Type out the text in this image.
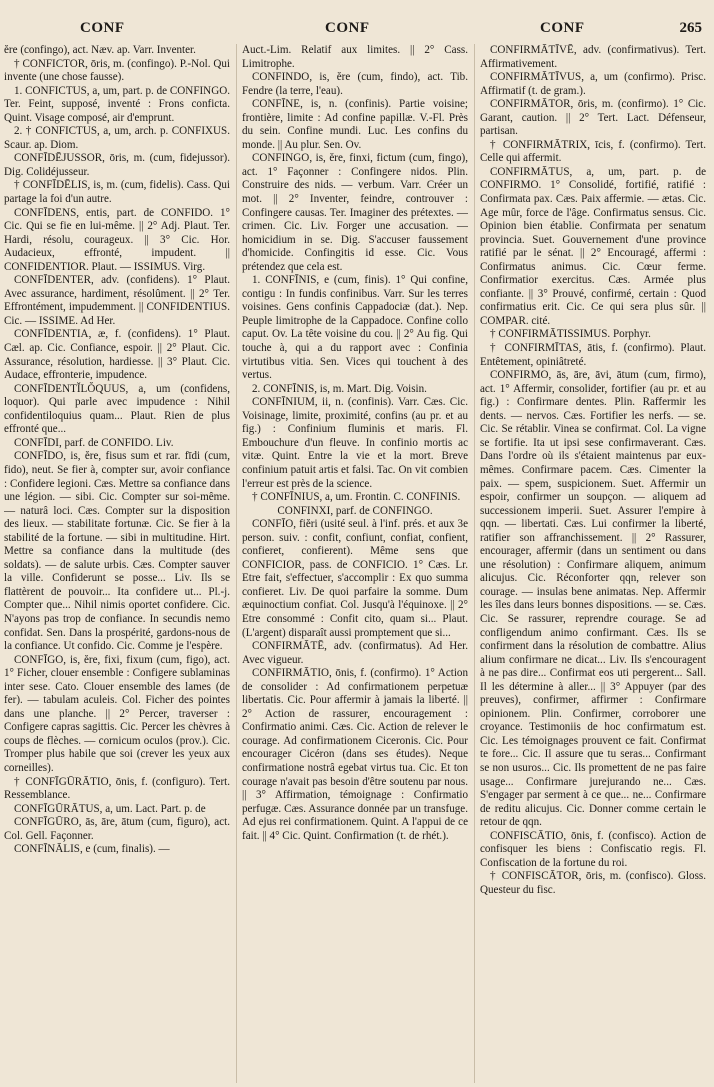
CONF	CONF	CONF	265

ĕre (confingo), act. Næv. ap. Varr. Inventer.

† CONFICTOR, ōris, m. (confingo). P.-Nol. Qui invente (une chose fausse).

1. CONFICTUS, a, um, part. p. de CONFINGO. Ter. Feint, supposé, inventé : Frons conficta. Quint. Visage composé, air d'emprunt.

2. † CONFICTUS, a, um, arch. p. CONFIXUS. Scaur. ap. Diom.

CONFĪDĒJUSSOR, ōris, m. (cum, fidejussor). Dig. Colidéjusseur.

† CONFĪDĒLIS, is, m. (cum, fidelis). Cass. Qui partage la foi d'un autre.

CONFĪDENS, entis, part. de CONFIDO. 1° Cic. Qui se fie en lui-même. || 2° Adj. Plaut. Ter. Hardi, résolu, courageux. || 3° Cic. Hor. Audacieux, effronté, impudent. || CONFIDENTIOR. Plaut. — ISSIMUS. Virg.

CONFĪDENTER, adv. (confidens). 1° Plaut. Avec assurance, hardiment, résolûment. || 2° Ter. Effrontément, impudemment. || CONFIDENTIUS. Cic. — ISSIME. Ad Her.

CONFĪDENTIA, æ, f. (confidens). 1° Plaut. Cæl. ap. Cic. Confiance, espoir. || 2° Plaut. Cic. Assurance, résolution, hardiesse. || 3° Plaut. Cic. Audace, effronterie, impudence.

CONFĪDENTĬLŎQUUS, a, um (confidens, loquor). Qui parle avec impudence : Nihil confidentiloquius quam... Plaut. Rien de plus effronté que...

CONFĪDI, parf. de CONFIDO. Liv.

CONFĪDO, is, ĕre, fisus sum et rar. fīdi (cum, fido), neut. Se fier à, compter sur, avoir confiance : Confidere legioni. Cæs. Mettre sa confiance dans une légion. — sibi. Cic. Compter sur soi-même. — naturâ loci. Cæs. Compter sur la disposition des lieux. — stabilitate fortunæ. Cic. Se fier à la stabilité de la fortune. — sibi in multitudine. Hirt. Mettre sa confiance dans la multitude (des soldats). — de salute urbis. Cæs. Compter sauver la ville. Confiderunt se posse... Liv. Ils se flattèrent de pouvoir... Ita confidere ut... Pl.-j. Compter que... Nihil nimis oportet confidere. Cic. N'ayons pas trop de confiance. In secundis nemo confidat. Sen. Dans la prospérité, gardons-nous de la confiance. Ut confido. Cic. Comme je l'espère.

CONFĪGO, is, ĕre, fixi, fixum (cum, figo), act. 1° Ficher, clouer ensemble : Configere sublaminas inter sese. Cato. Clouer ensemble des lames (de fer). — tabulam aculeis. Col. Ficher des pointes dans une planche. || 2° Percer, traverser : Configere capras sagittis. Cic. Percer les chèvres à coups de flèches. — cornicum oculos (prov.). Cic. Tromper plus habile que soi (crever les yeux aux corneilles).

† CONFĪGŪRĀTIO, ōnis, f. (configuro). Tert. Ressemblance.

CONFĪGŪRĀTUS, a, um. Lact. Part. p. de

CONFĪGŪRO, ās, āre, ātum (cum, figuro), act. Col. Gell. Façonner.

CONFĪNĀLIS, e (cum, finalis). —

Auct.-Lim. Relatif aux limites. || 2° Cass. Limitrophe.

CONFINDO, is, ĕre (cum, findo), act. Tib. Fendre (la terre, l'eau).

CONFĪNE, is, n. (confinis). Partie voisine; frontière, limite : Ad confine papillæ. V.-Fl. Près du sein. Confine mundi. Luc. Les confins du monde. || Au plur. Sen. Ov.

CONFINGO, is, ĕre, finxi, fictum (cum, fingo), act. 1° Façonner : Confingere nidos. Plin. Construire des nids. — verbum. Varr. Créer un mot. || 2° Inventer, feindre, controuver : Confingere causas. Ter. Imaginer des prétextes. — crimen. Cic. Liv. Forger une accusation. — homicidium in se. Dig. S'accuser faussement d'homicide. Confingitis id esse. Cic. Vous prétendez que cela est.

1. CONFĪNIS, e (cum, finis). 1° Qui confine, contigu : In fundis confinibus. Varr. Sur les terres voisines. Gens confinis Cappadociæ (dat.). Nep. Peuple limitrophe de la Cappadoce. Confine collo caput. Ov. La tête voisine du cou. || 2° Au fig. Qui touche à, qui a du rapport avec : Confinia virtutibus vitia. Sen. Vices qui touchent à des vertus.

2. CONFĪNIS, is, m. Mart. Dig. Voisin.

CONFĪNIUM, ii, n. (confinis). Varr. Cæs. Cic. Voisinage, limite, proximité, confins (au pr. et au fig.) : Confinium fluminis et maris. Fl. Embouchure d'un fleuve. In confinio mortis ac vitæ. Quint. Entre la vie et la mort. Breve confinium patuit artis et falsi. Tac. On vit combien l'erreur est près de la science.

† CONFĪNIUS, a, um. Frontin. C. CONFINIS.

CONFINXI, parf. de CONFINGO.

CONFĪO, fiĕri (usité seul. à l'inf. prés. et aux 3e person. suiv. : confit, confiunt, confiat, confient, confieret, confierent). Même sens que CONFICIOR, pass. de CONFICIO. 1° Cæs. Lr. Etre fait, s'effectuer, s'accomplir : Ex quo summa confieret. Liv. De quoi parfaire la somme. Dum æquinoctium confiat. Col. Jusqu'à l'équinoxe. || 2° Etre consommé : Confit cito, quam si... Plaut. (L'argent) disparaît aussi promptement que si...

CONFIRMĀTĒ, adv. (confirmatus). Ad Her. Avec vigueur.

CONFIRMĀTIO, ōnis, f. (confirmo). 1° Action de consolider : Ad confirmationem perpetuæ libertatis. Cic. Pour affermir à jamais la liberté. || 2° Action de rassurer, encouragement : Confirmatio animi. Cæs. Cic. Action de relever le courage. Ad confirmationem Ciceronis. Cic. Pour encourager Cicéron (dans ses études). Neque confirmatione nostrâ egebat virtus tua. Cic. Et ton courage n'avait pas besoin d'être soutenu par nous. || 3° Affirmation, témoignage : Confirmatio perfugæ. Cæs. Assurance donnée par un transfuge. Ad ejus rei confirmationem. Quint. A l'appui de ce fait. || 4° Cic. Quint. Confirmation (t. de rhét.).

CONFIRMĀTĪVĒ, adv. (confirmativus). Tert. Affirmativement.

CONFIRMĀTĪVUS, a, um (confirmo). Prisc. Affirmatif (t. de gram.).

CONFIRMĀTOR, ōris, m. (confirmo). 1° Cic. Garant, caution. || 2° Tert. Lact. Défenseur, partisan.

† CONFIRMĀTRIX, īcis, f. (confirmo). Tert. Celle qui affermit.

CONFIRMĀTUS, a, um, part. p. de CONFIRMO. 1° Consolidé, fortifié, ratifié : Confirmata pax. Cæs. Paix affermie. — ætas. Cic. Age mûr, force de l'âge. Confirmatus sensus. Cic. Opinion bien établie. Confirmata per senatum provincia. Suet. Gouvernement d'une province ratifié par le sénat. || 2° Encouragé, affermi : Confirmatus animus. Cic. Cœur ferme. Confirmatior exercitus. Cæs. Armée plus confiante. || 3° Prouvé, confirmé, certain : Quod confirmatius erit. Cic. Ce qui sera plus sûr. || COMPAR. cité.

† CONFIRMĀTISSIMUS. Porphyr.

† CONFIRMĪTAS, ātis, f. (confirmo). Plaut. Entêtement, opiniâtreté.

CONFIRMO, ās, āre, āvi, ātum (cum, firmo), act. 1° Affermir, consolider, fortifier (au pr. et au fig.) : Confirmare dentes. Plin. Raffermir les dents. — nervos. Cæs. Fortifier les nerfs. — se. Cic. Se rétablir. Vinea se confirmat. Col. La vigne se fortifie. Ita ut ipsi sese confirmaverant. Cæs. Dans l'ordre où ils s'étaient maintenus par eux-mêmes. Confirmare pacem. Cæs. Cimenter la paix. — spem, suspicionem. Suet. Affermir un espoir, confirmer un soupçon. — aliquem ad successionem imperii. Suet. Assurer l'empire à qqn. — libertati. Cæs. Lui confirmer la liberté, ratifier son affranchissement. || 2° Rassurer, encourager, affermir (dans un sentiment ou dans une résolution) : Confirmare aliquem, animum alicujus. Cic. Réconforter qqn, relever son courage. — insulas bene animatas. Nep. Affermir les îles dans leurs bonnes dispositions. — se. Cæs. Cic. Se rassurer, reprendre courage. Se ad confligendum animo confirmant. Cæs. Ils se confirment dans la résolution de combattre. Alius alium confirmare ne dicat... Liv. Ils s'encouragent à ne pas dire... Confirmat eos uti pergerent... Sall. Il les détermine à aller... || 3° Appuyer (par des preuves), confirmer, affirmer : Confirmare opinionem. Plin. Confirmer, corroborer une croyance. Testimoniis de hoc confirmatum est. Cic. Les témoignages prouvent ce fait. Confirmat te fore... Cic. Il assure que tu seras... Confirmant se non usuros... Cic. Ils promettent de ne pas faire usage... Confirmare jurejurando ne... Cæs. S'engager par serment à ce que... ne... Confirmare de reditu alicujus. Cic. Donner comme certain le retour de qqn.

CONFISCĀTIO, ōnis, f. (confisco). Action de confisquer les biens : Confiscatio regis. Fl. Confiscation de la fortune du roi.

† CONFISCĀTOR, ōris, m. (confisco). Gloss. Questeur du fisc.
